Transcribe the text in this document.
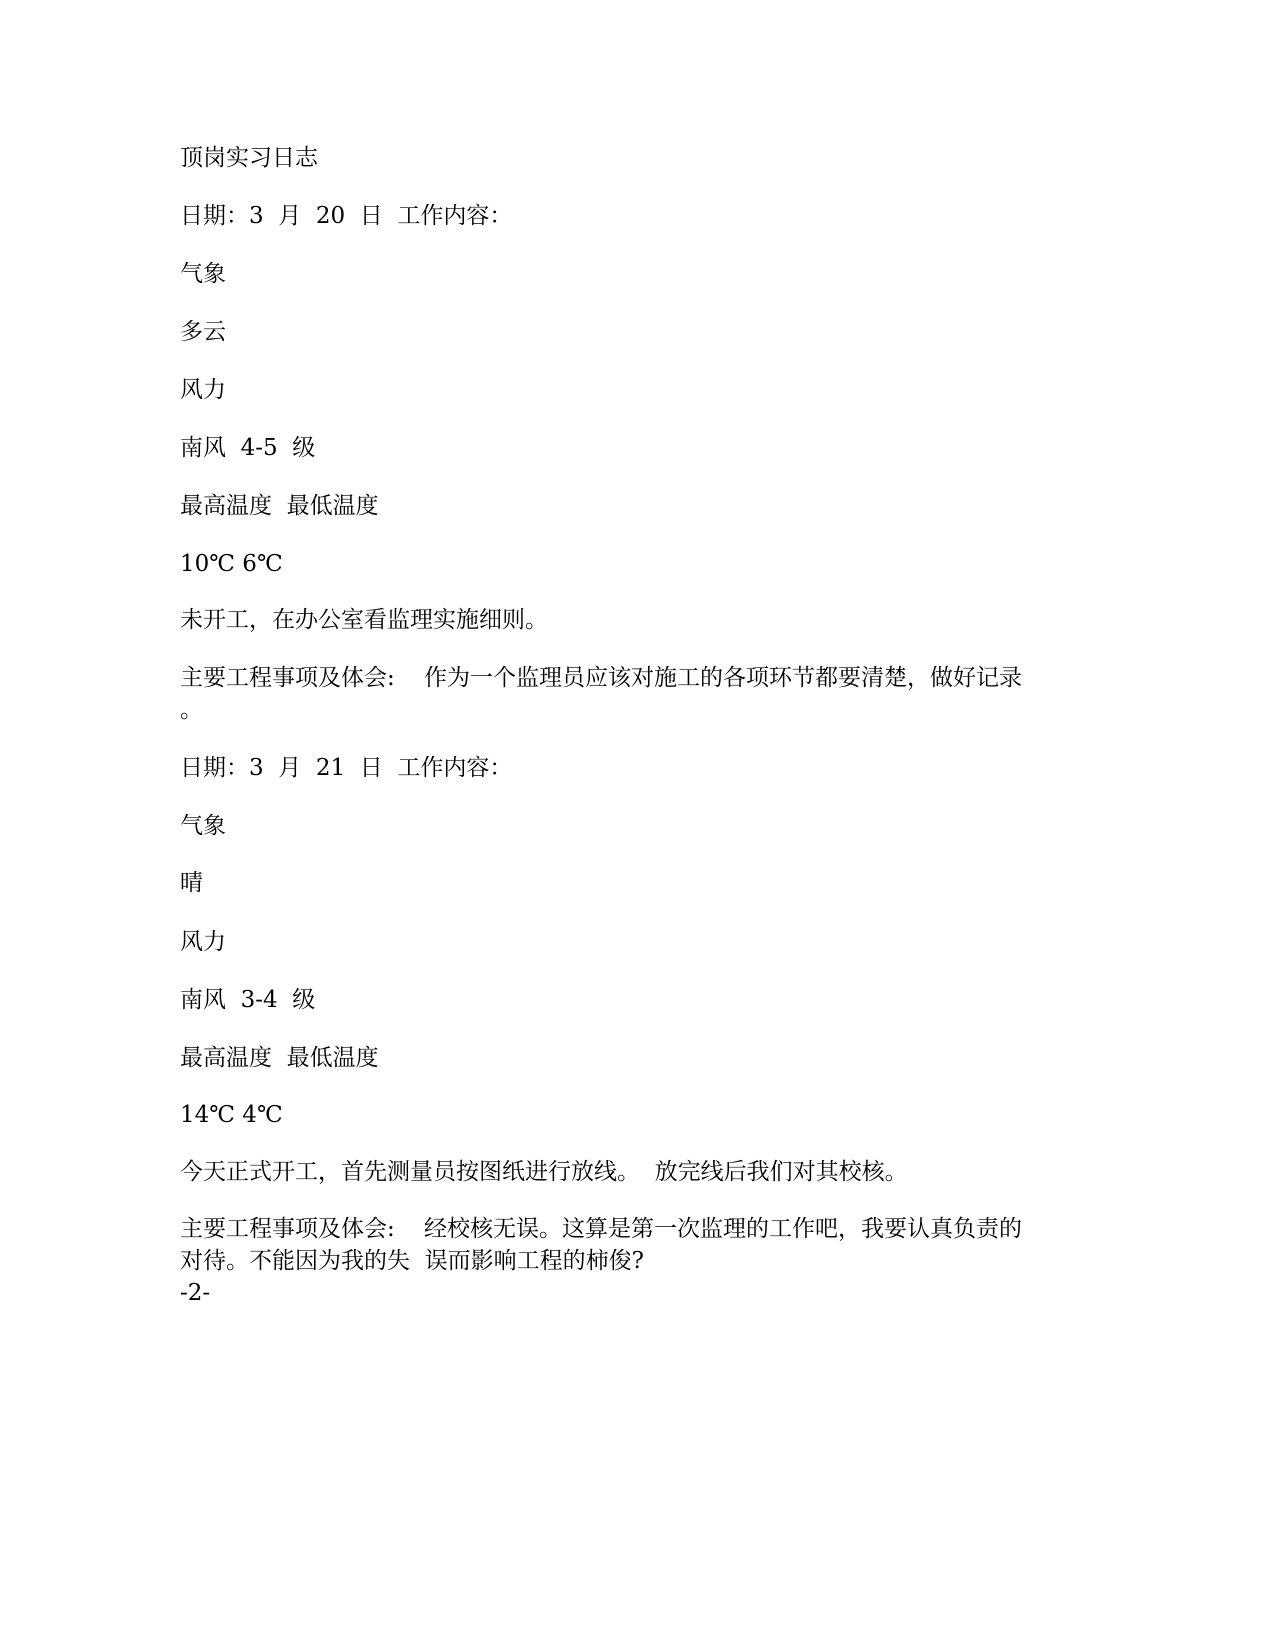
顶岗实习日志

日期：3  月  20  日  工作内容：

气象

多云

风力

南风  4-5  级

最高温度  最低温度

10℃ 6℃

未开工，在办公室看监理实施细则。

主要工程事项及体会:    作为一个监理员应该对施工的各项环节都要清楚，做好记录

。

日期：3  月  21  日  工作内容：

气象

晴

风力

南风  3-4  级

最高温度  最低温度

14℃ 4℃

今天正式开工，首先测量员按图纸进行放线。  放完线后我们对其校核。

主要工程事项及体会:    经校核无误。这算是第一次监理的工作吧，我要认真负责的

对待。不能因为我的失  误而影响工程的柿俊?

-2-
